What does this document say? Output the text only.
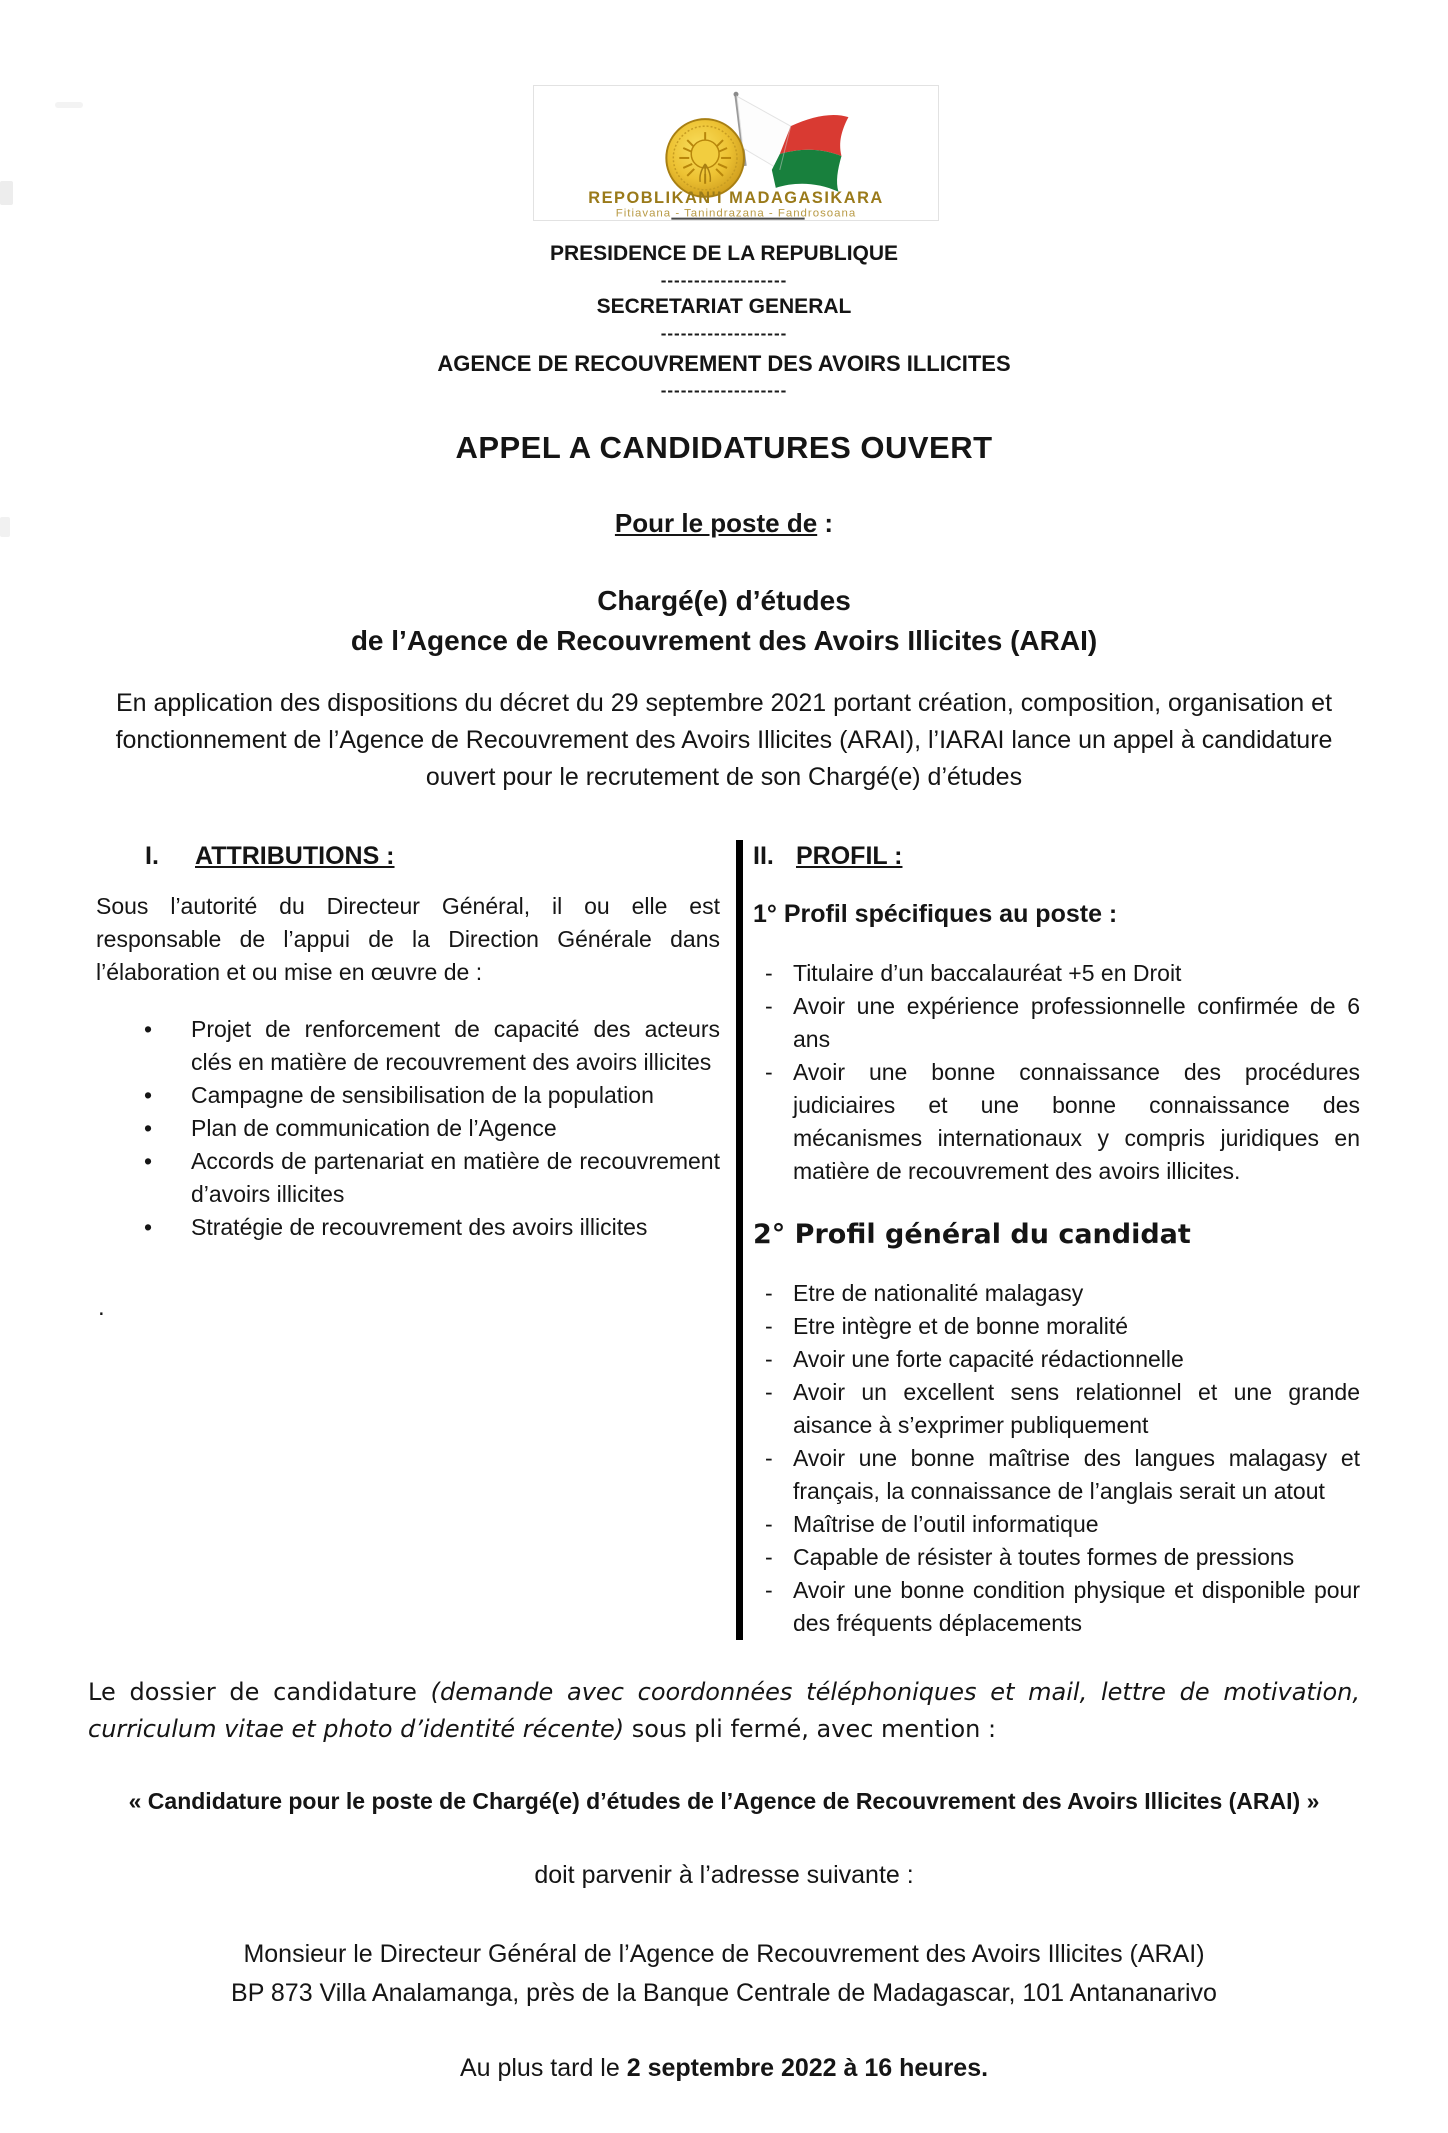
REPOBLIKAN'I MADAGASIKARA
Fitiavana - Tanindrazana - Fandrosoana
PRESIDENCE DE LA REPUBLIQUE
-------------------
SECRETARIAT GENERAL
-------------------
AGENCE DE RECOUVREMENT DES AVOIRS ILLICITES
-------------------
APPEL A CANDIDATURES OUVERT
Pour le poste de :
Chargé(e) d’études
de l’Agence de Recouvrement des Avoirs Illicites (ARAI)
En application des dispositions du décret du 29 septembre 2021 portant création, composition, organisation et fonctionnement de l’Agence de Recouvrement des Avoirs Illicites (ARAI), l’IARAI lance un appel à candidature ouvert pour le recrutement de son Chargé(e) d’études
I.	ATTRIBUTIONS :
Sous l’autorité du Directeur Général, il ou elle est responsable de l’appui de la Direction Générale dans l’élaboration et ou mise en œuvre de :
•
Projet de renforcement de capacité des acteurs clés en matière de recouvrement des avoirs illicites
•
Campagne de sensibilisation de la population
•
Plan de communication de l’Agence
•
Accords de partenariat en matière de recouvrement d’avoirs illicites
•
Stratégie de recouvrement des avoirs illicites
.
II. PROFIL :
1° Profil spécifiques au poste :
-
Titulaire d’un baccalauréat +5 en Droit
-
Avoir une expérience professionnelle confirmée de 6 ans
-
Avoir une bonne connaissance des procédures judiciaires et une bonne connaissance des mécanismes internationaux y compris juridiques en matière de recouvrement des avoirs illicites.
2° Profil général du candidat
-
Etre de nationalité malagasy
-
Etre intègre et de bonne moralité
-
Avoir une forte capacité rédactionnelle
-
Avoir un excellent sens relationnel et une grande aisance à s’exprimer publiquement
-
Avoir une bonne maîtrise des langues malagasy et français, la connaissance de l’anglais serait un atout
-
Maîtrise de l’outil informatique
-
Capable de résister à toutes formes de pressions
-
Avoir une bonne condition physique et disponible pour des fréquents déplacements
Le dossier de candidature (demande avec coordonnées téléphoniques et mail, lettre de motivation, curriculum vitae et photo d’identité récente) sous pli fermé, avec mention :
« Candidature pour le poste de Chargé(e) d’études de l’Agence de Recouvrement des Avoirs Illicites (ARAI) »
doit parvenir à l’adresse suivante :
Monsieur le Directeur Général de l’Agence de Recouvrement des Avoirs Illicites (ARAI)
BP 873 Villa Analamanga, près de la Banque Centrale de Madagascar, 101 Antananarivo
Au plus tard le 2 septembre 2022 à 16 heures.
